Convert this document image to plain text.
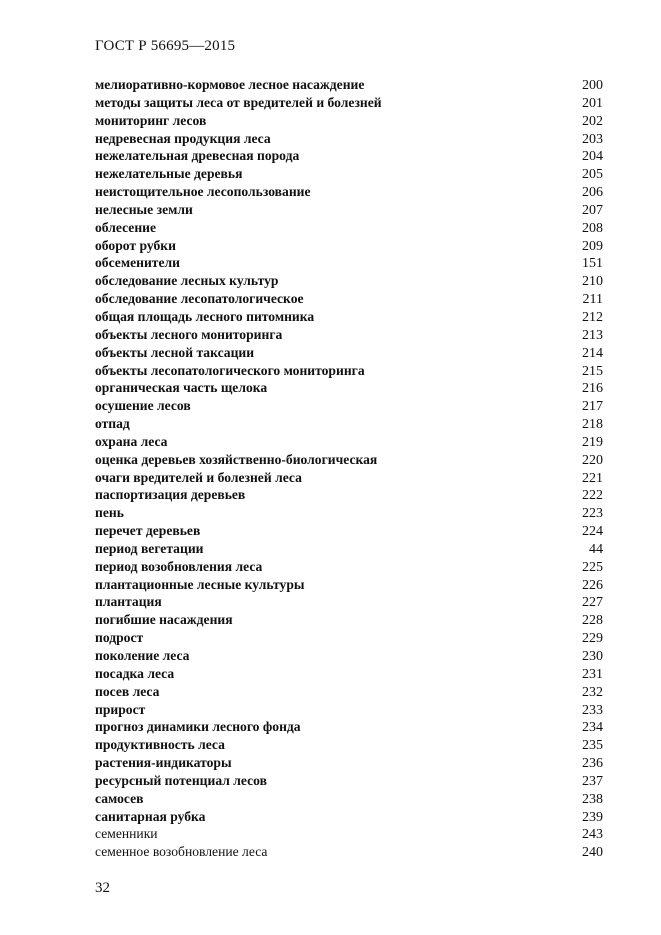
ГОСТ Р 56695—2015
мелиоративно-кормовое лесное насаждение	200
методы защиты леса от вредителей и болезней	201
мониторинг лесов	202
недревесная продукция леса	203
нежелательная древесная порода	204
нежелательные деревья	205
неистощительное лесопользование	206
нелесные земли	207
облесение	208
оборот рубки	209
обсеменители	151
обследование лесных культур	210
обследование лесопатологическое	211
общая площадь лесного питомника	212
объекты лесного мониторинга	213
объекты лесной таксации	214
объекты лесопатологического мониторинга	215
органическая часть щелока	216
осушение лесов	217
отпад	218
охрана леса	219
оценка деревьев хозяйственно-биологическая	220
очаги вредителей и болезней леса	221
паспортизация деревьев	222
пень	223
перечет деревьев	224
период вегетации	44
период возобновления леса	225
плантационные лесные культуры	226
плантация	227
погибшие насаждения	228
подрост	229
поколение леса	230
посадка леса	231
посев леса	232
прирост	233
прогноз динамики лесного фонда	234
продуктивность леса	235
растения-индикаторы	236
ресурсный потенциал лесов	237
самосев	238
санитарная рубка	239
семенники	243
семенное возобновление леса	240
32
